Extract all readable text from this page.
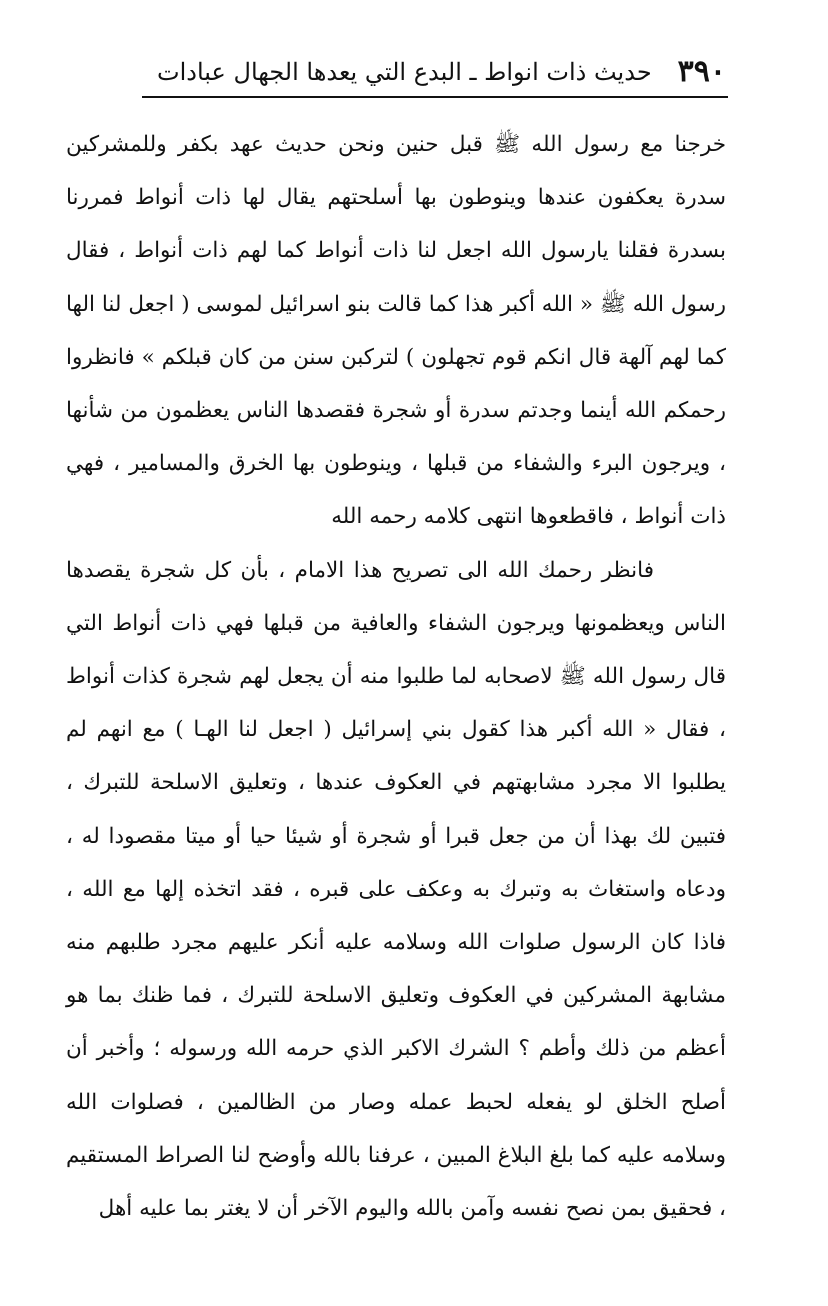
٣٩٠
حديث ذات انواط ـ البدع التي يعدها الجهال عبادات

خرجنا مع رسول الله ﷺ قبل حنين ونحن حديث عهد بكفر وللمشركين سدرة يعكفون عندها وينوطون بها أسلحتهم يقال لها ذات أنواط فمررنا بسدرة فقلنا يارسول الله اجعل لنا ذات أنواط كما لهم ذات أنواط ، فقال رسول الله ﷺ « الله أكبر هذا كما قالت بنو اسرائيل لموسى ( اجعل لنا الها كما لهم آلهة قال انكم قوم تجهلون ) لتركبن سنن من كان قبلكم » فانظروا رحمكم الله أينما وجدتم سدرة أو شجرة فقصدها الناس يعظمون من شأنها ، ويرجون البرء والشفاء من قبلها ، وينوطون بها الخرق والمسامير ، فهي ذات أنواط ، فاقطعوها انتهى كلامه رحمه الله

فانظر رحمك الله الى تصريح هذا الامام ، بأن كل شجرة يقصدها الناس ويعظمونها ويرجون الشفاء والعافية من قبلها فهي ذات أنواط التي قال رسول الله ﷺ لاصحابه لما طلبوا منه أن يجعل لهم شجرة كذات أنواط ، فقال « الله أكبر هذا كقول بني إسرائيل ( اجعل لنا الهـا ) مع انهم لم يطلبوا الا مجرد مشابهتهم في العكوف عندها ، وتعليق الاسلحة للتبرك ، فتبين لك بهذا أن من جعل قبرا أو شجرة أو شيئا حيا أو ميتا مقصودا له ، ودعاه واستغاث به وتبرك به وعكف على قبره ، فقد اتخذه إلها مع الله ، فاذا كان الرسول صلوات الله وسلامه عليه أنكر عليهم مجرد طلبهم منه مشابهة المشركين في العكوف وتعليق الاسلحة للتبرك ، فما ظنك بما هو أعظم من ذلك وأطم ؟ الشرك الاكبر الذي حرمه الله ورسوله ؛ وأخبر أن أصلح الخلق لو يفعله لحبط عمله وصار من الظالمين ، فصلوات الله وسلامه عليه كما بلغ البلاغ المبين ، عرفنا بالله وأوضح لنا الصراط المستقيم ، فحقيق بمن نصح نفسه وآمن بالله واليوم الآخر أن لا يغتر بما عليه أهل
